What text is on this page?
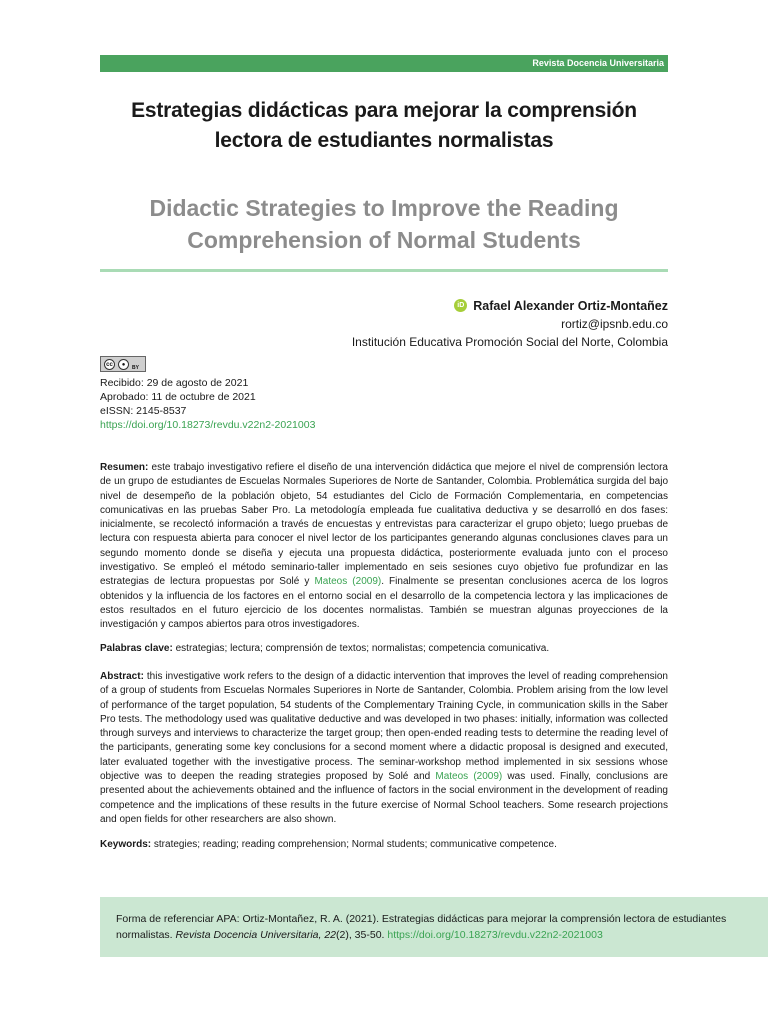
Revista Docencia Universitaria
Estrategias didácticas para mejorar la comprensión
lectora de estudiantes normalistas
Didactic Strategies to Improve the Reading
Comprehension of Normal Students
iD Rafael Alexander Ortiz-Montañez
rortiz@ipsnb.edu.co
Institución Educativa Promoción Social del Norte, Colombia
cc	●	BY
Recibido: 29 de agosto de 2021
Aprobado: 11 de octubre de 2021
eISSN: 2145-8537
https://doi.org/10.18273/revdu.v22n2-2021003
Resumen: este trabajo investigativo refiere el diseño de una intervención didáctica que mejore el nivel de comprensión lectora de un grupo de estudiantes de Escuelas Normales Superiores de Norte de Santander, Colombia. Problemática surgida del bajo nivel de desempeño de la población objeto, 54 estudiantes del Ciclo de Formación Complementaria, en competencias comunicativas en las pruebas Saber Pro. La metodología empleada fue cualitativa deductiva y se desarrolló en dos fases: inicialmente, se recolectó información a través de encuestas y entrevistas para caracterizar el grupo objeto; luego pruebas de lectura con respuesta abierta para conocer el nivel lector de los participantes generando algunas conclusiones claves para un segundo momento donde se diseña y ejecuta una propuesta didáctica, posteriormente evaluada junto con el proceso investigativo. Se empleó el método seminario-taller implementado en seis sesiones cuyo objetivo fue profundizar en las estrategias de lectura propuestas por Solé y Mateos (2009). Finalmente se presentan conclusiones acerca de los logros obtenidos y la influencia de los factores en el entorno social en el desarrollo de la competencia lectora y las implicaciones de estos resultados en el futuro ejercicio de los docentes normalistas. También se muestran algunas proyecciones de la investigación y campos abiertos para otros investigadores.
Palabras clave: estrategias; lectura; comprensión de textos; normalistas; competencia comunicativa.
Abstract: this investigative work refers to the design of a didactic intervention that improves the level of reading comprehension of a group of students from Escuelas Normales Superiores in Norte de Santander, Colombia. Problem arising from the low level of performance of the target population, 54 students of the Complementary Training Cycle, in communication skills in the Saber Pro tests. The methodology used was qualitative deductive and was developed in two phases: initially, information was collected through surveys and interviews to characterize the target group; then open-ended reading tests to determine the reading level of the participants, generating some key conclusions for a second moment where a didactic proposal is designed and executed, later evaluated together with the investigative process. The seminar-workshop method implemented in six sessions whose objective was to deepen the reading strategies proposed by Solé and Mateos (2009) was used. Finally, conclusions are presented about the achievements obtained and the influence of factors in the social environment in the development of reading competence and the implications of these results in the future exercise of Normal School teachers. Some research projections and open fields for other researchers are also shown.
Keywords: strategies; reading; reading comprehension; Normal students; communicative competence.
Forma de referenciar APA: Ortiz-Montañez, R. A. (2021). Estrategias didácticas para mejorar la comprensión lectora de estudiantes normalistas. Revista Docencia Universitaria, 22(2), 35-50. https://doi.org/10.18273/revdu.v22n2-2021003
